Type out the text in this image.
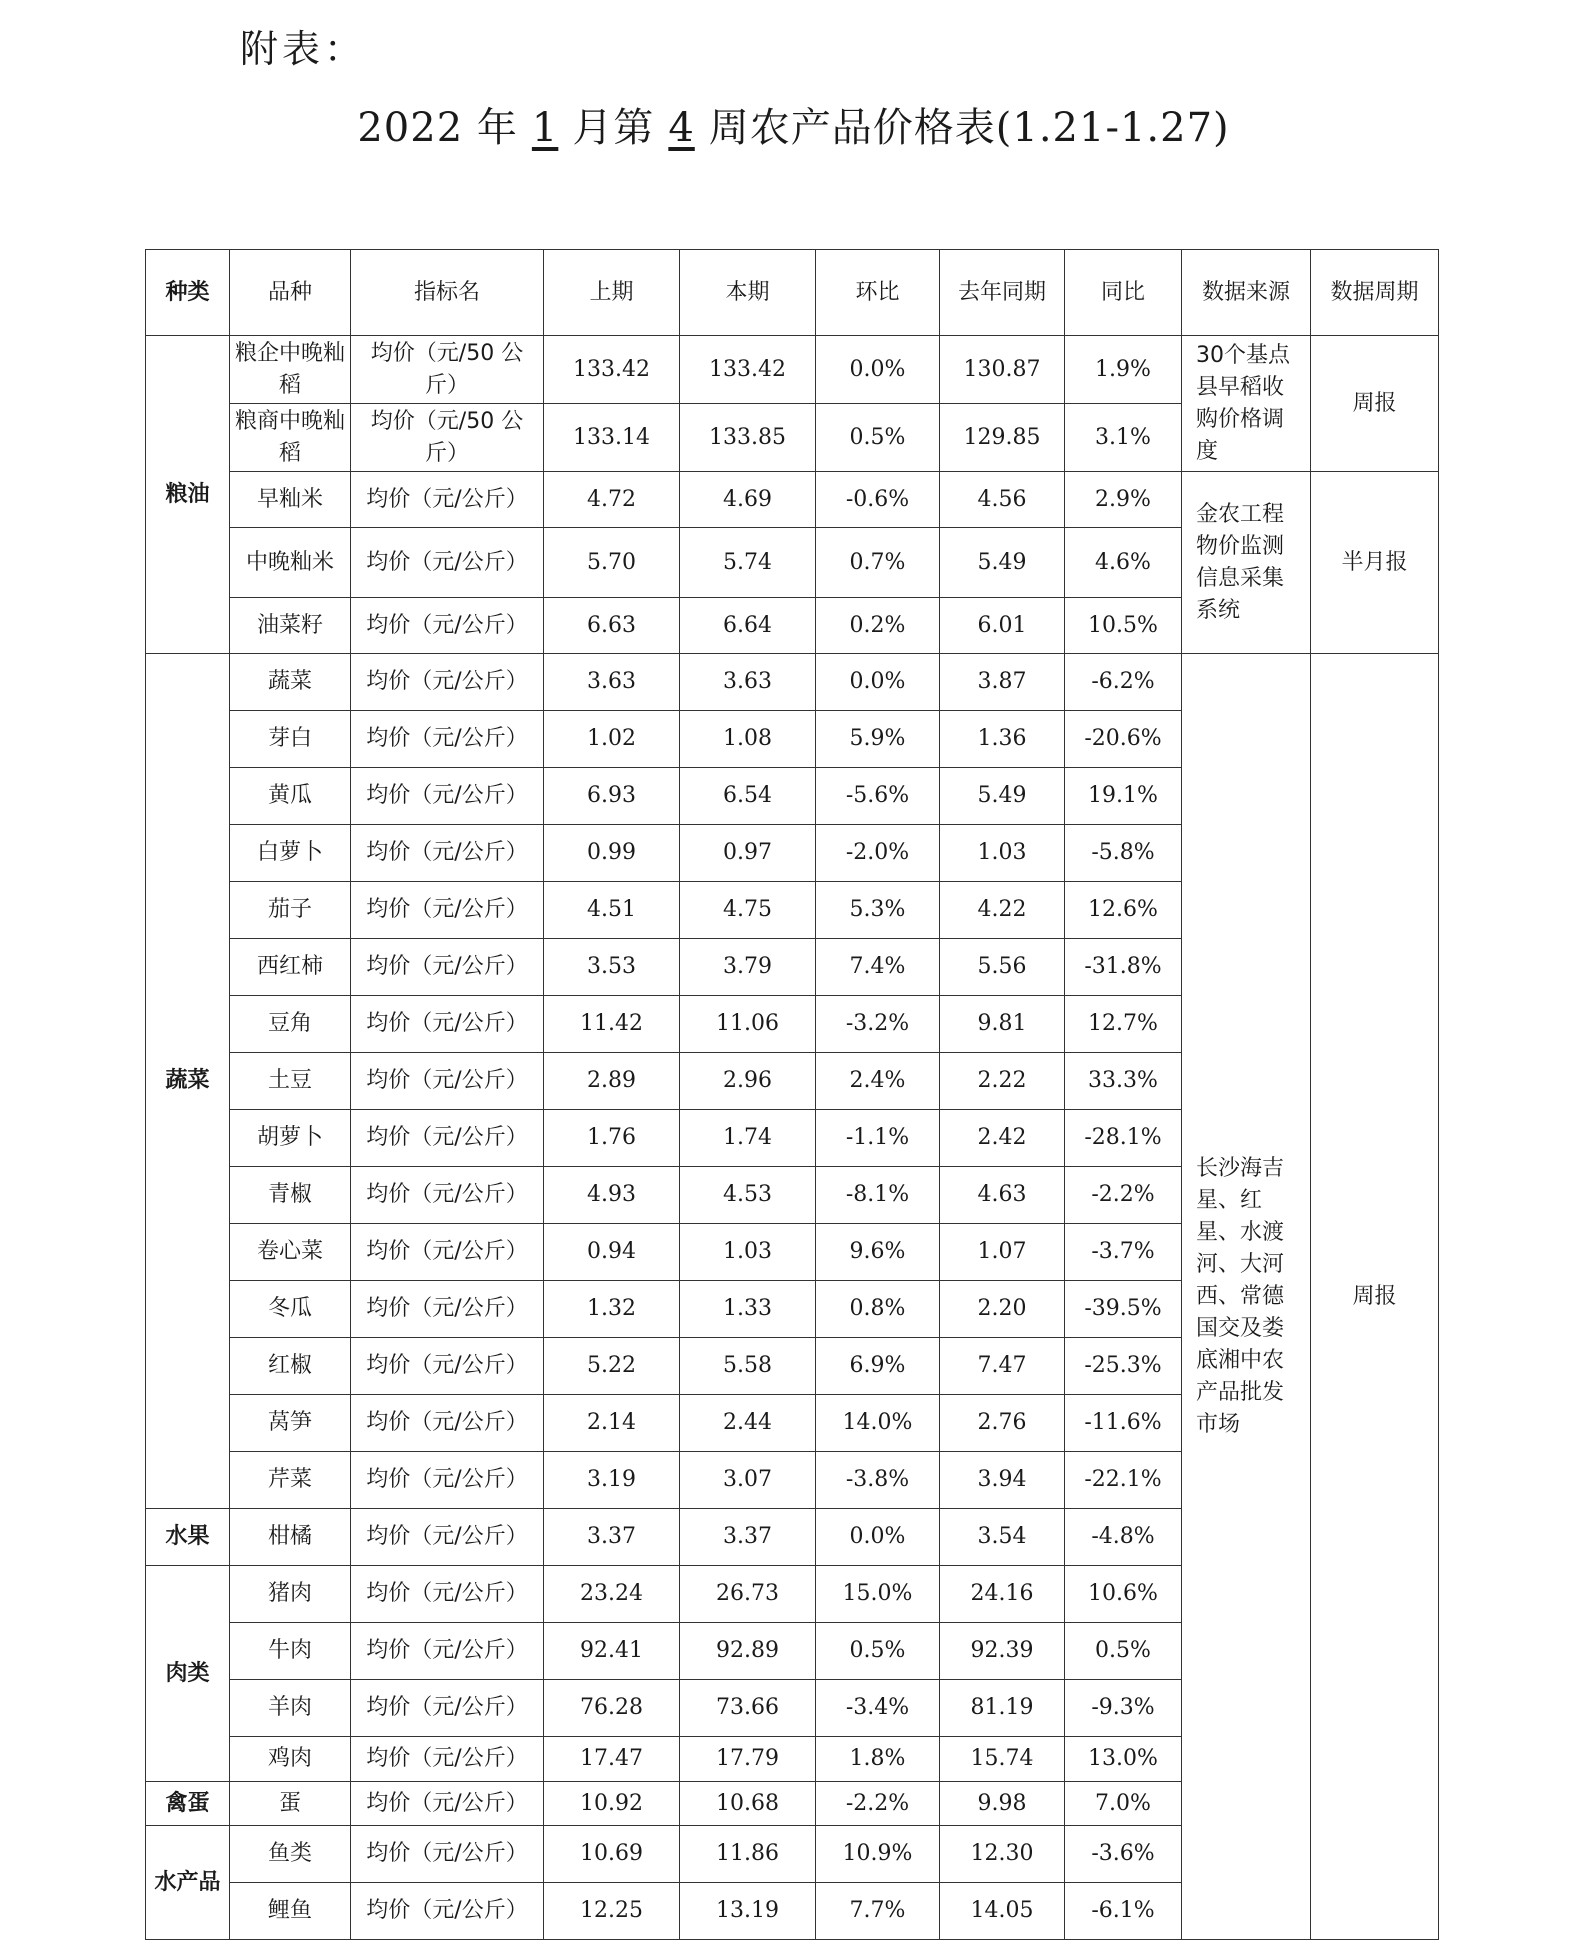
附表：
2022 年 1 月第 4 周农产品价格表(1.21-1.27)
种类	品种	指标名	上期	本期	环比	去年同期	同比	数据来源	数据周期
粮油	粮企中晚籼稻	均价（元/50 公斤）	133.42	133.42	0.0%	130.87	1.9%	30个基点县早稻收购价格调度	周报
	粮商中晚籼稻	均价（元/50 公斤）	133.14	133.85	0.5%	129.85	3.1%		
	早籼米	均价（元/公斤）	4.72	4.69	-0.6%	4.56	2.9%	金农工程物价监测信息采集系统	半月报
	中晚籼米	均价（元/公斤）	5.70	5.74	0.7%	5.49	4.6%		
	油菜籽	均价（元/公斤）	6.63	6.64	0.2%	6.01	10.5%		
蔬菜	蔬菜	均价（元/公斤）	3.63	3.63	0.0%	3.87	-6.2%	长沙海吉星、红星、水渡河、大河西、常德国交及娄底湘中农产品批发市场	周报
	芽白	均价（元/公斤）	1.02	1.08	5.9%	1.36	-20.6%		
	黄瓜	均价（元/公斤）	6.93	6.54	-5.6%	5.49	19.1%		
	白萝卜	均价（元/公斤）	0.99	0.97	-2.0%	1.03	-5.8%		
	茄子	均价（元/公斤）	4.51	4.75	5.3%	4.22	12.6%		
	西红柿	均价（元/公斤）	3.53	3.79	7.4%	5.56	-31.8%		
	豆角	均价（元/公斤）	11.42	11.06	-3.2%	9.81	12.7%		
	土豆	均价（元/公斤）	2.89	2.96	2.4%	2.22	33.3%		
	胡萝卜	均价（元/公斤）	1.76	1.74	-1.1%	2.42	-28.1%		
	青椒	均价（元/公斤）	4.93	4.53	-8.1%	4.63	-2.2%		
	卷心菜	均价（元/公斤）	0.94	1.03	9.6%	1.07	-3.7%		
	冬瓜	均价（元/公斤）	1.32	1.33	0.8%	2.20	-39.5%		
	红椒	均价（元/公斤）	5.22	5.58	6.9%	7.47	-25.3%		
	莴笋	均价（元/公斤）	2.14	2.44	14.0%	2.76	-11.6%		
	芹菜	均价（元/公斤）	3.19	3.07	-3.8%	3.94	-22.1%		
水果	柑橘	均价（元/公斤）	3.37	3.37	0.0%	3.54	-4.8%		
肉类	猪肉	均价（元/公斤）	23.24	26.73	15.0%	24.16	10.6%		
	牛肉	均价（元/公斤）	92.41	92.89	0.5%	92.39	0.5%		
	羊肉	均价（元/公斤）	76.28	73.66	-3.4%	81.19	-9.3%		
	鸡肉	均价（元/公斤）	17.47	17.79	1.8%	15.74	13.0%		
禽蛋	蛋	均价（元/公斤）	10.92	10.68	-2.2%	9.98	7.0%		
水产品	鱼类	均价（元/公斤）	10.69	11.86	10.9%	12.30	-3.6%		
	鲤鱼	均价（元/公斤）	12.25	13.19	7.7%	14.05	-6.1%		
